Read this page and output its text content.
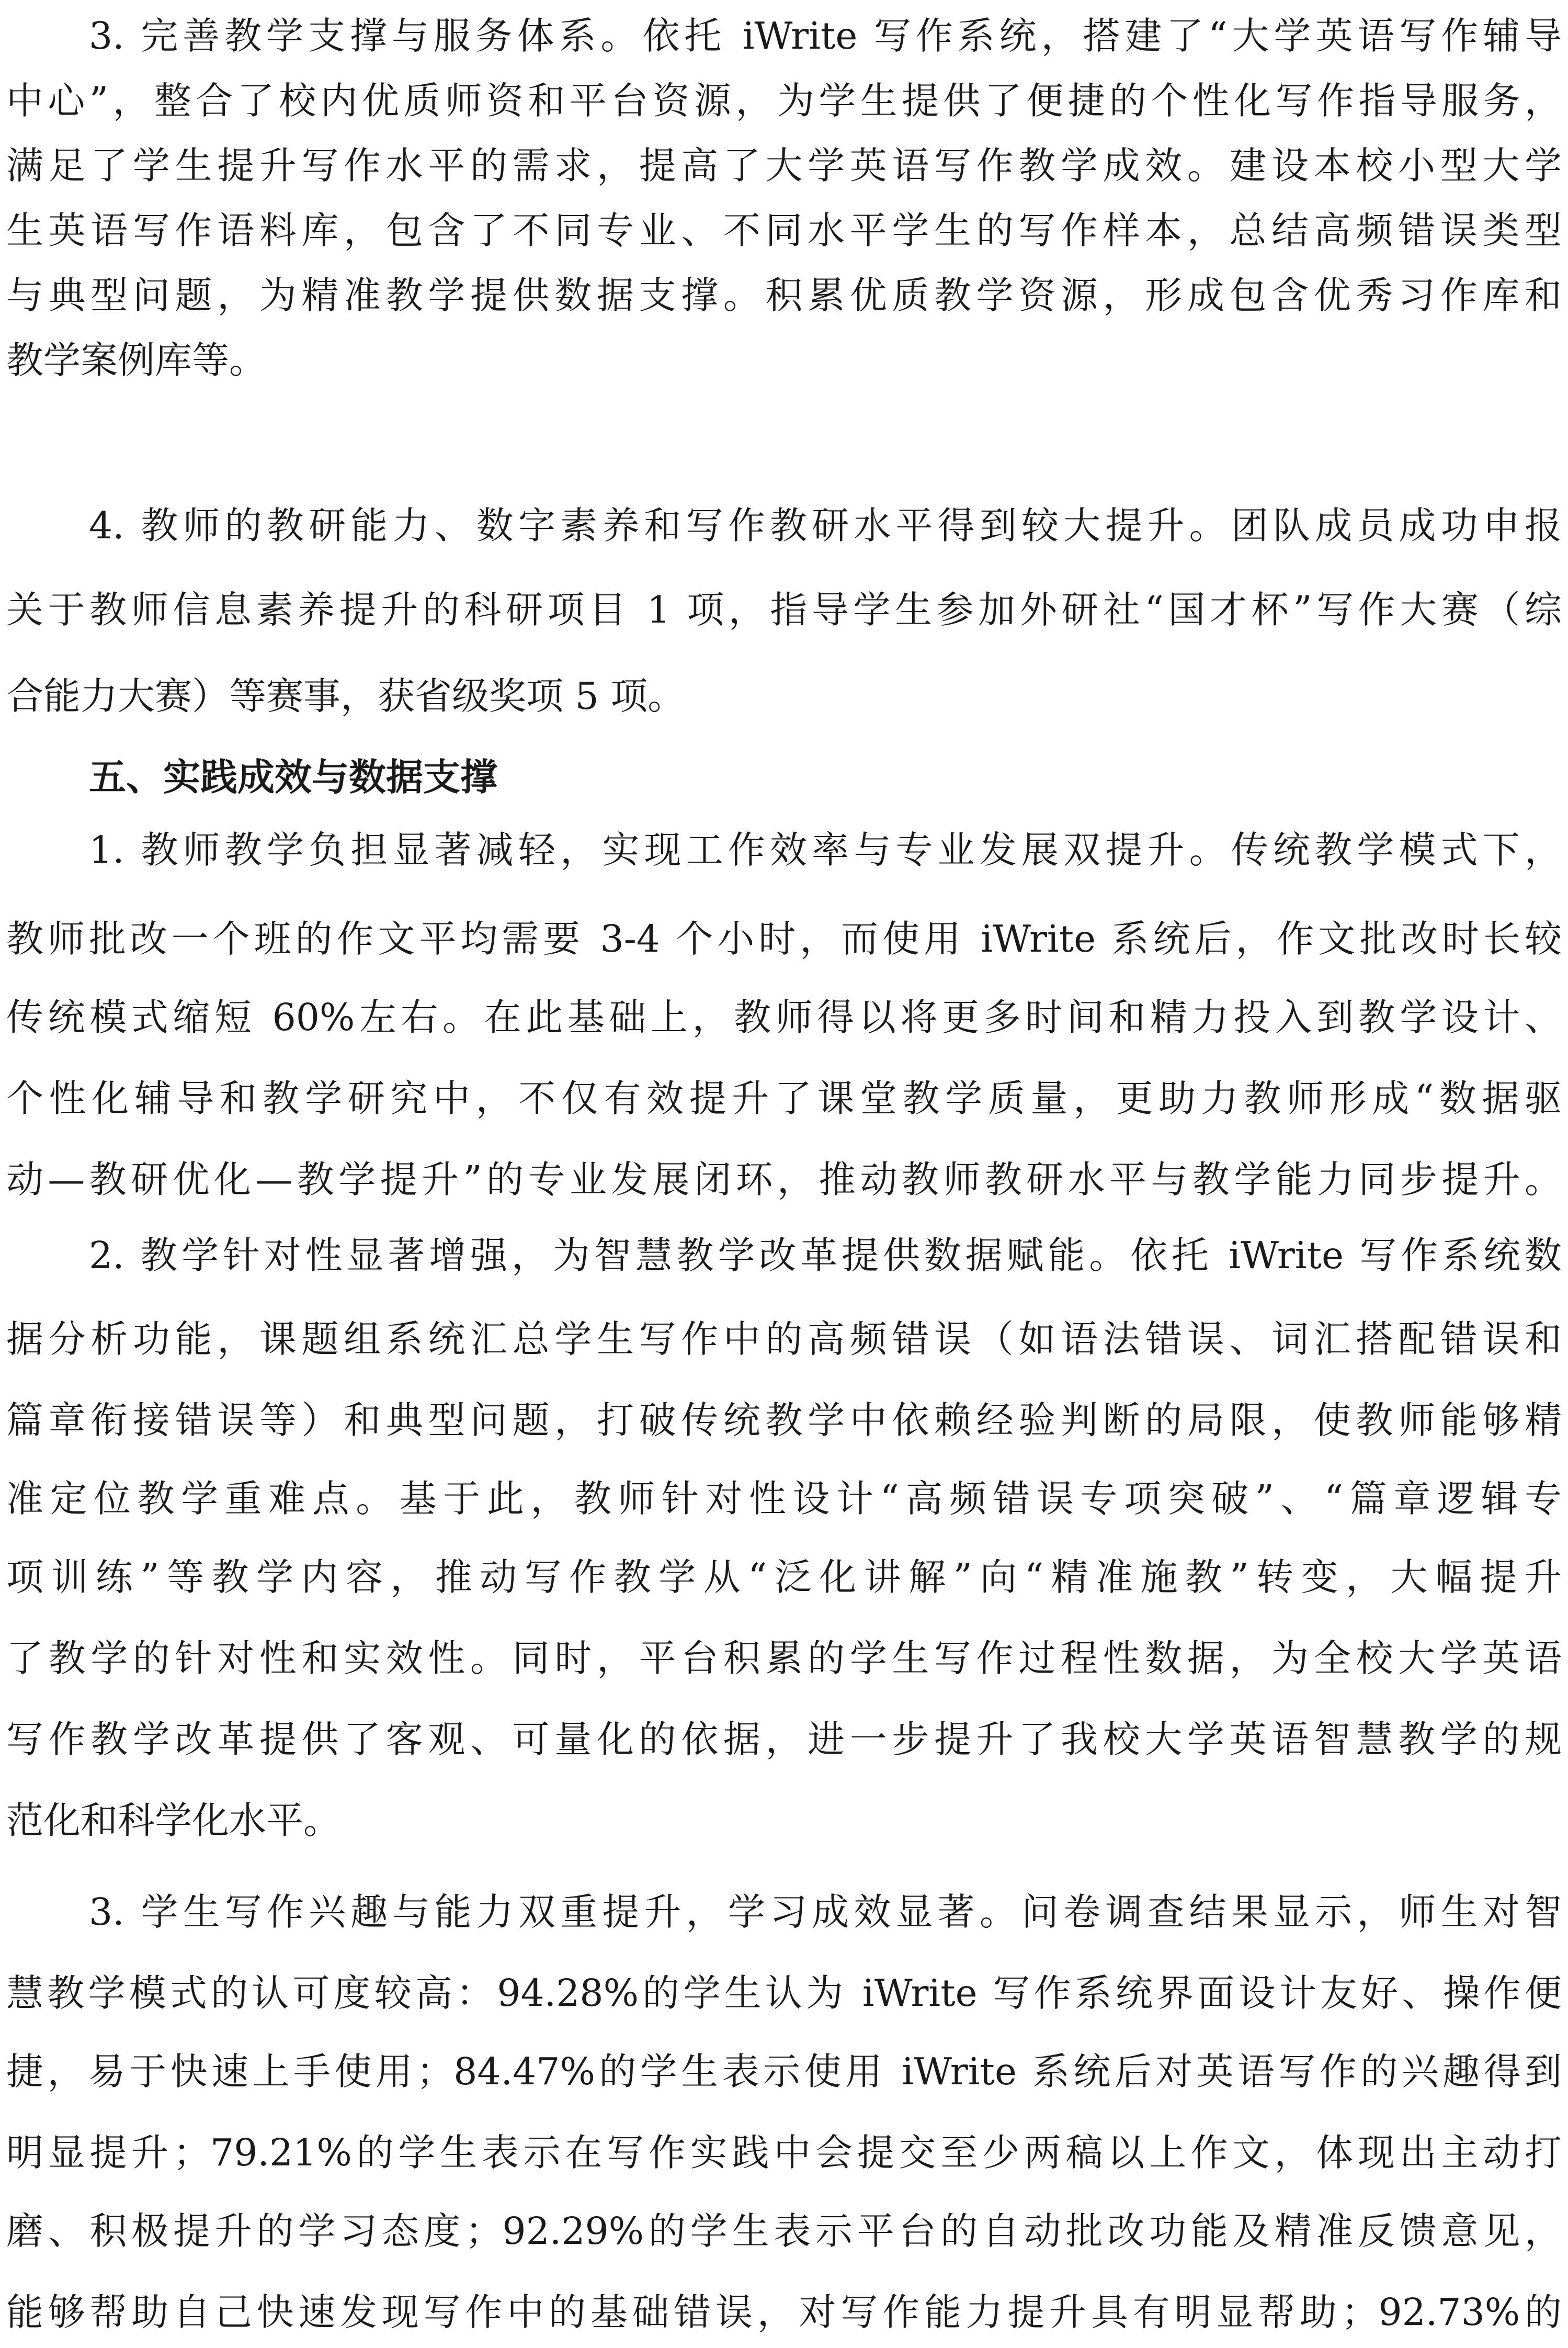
3. 完善教学支撑与服务体系。依托 iWrite 写作系统，搭建了“大学英语写作辅导
中心”，整合了校内优质师资和平台资源，为学生提供了便捷的个性化写作指导服务，
满足了学生提升写作水平的需求，提高了大学英语写作教学成效。建设本校小型大学
生英语写作语料库，包含了不同专业、不同水平学生的写作样本，总结高频错误类型
与典型问题，为精准教学提供数据支撑。积累优质教学资源，形成包含优秀习作库和
教学案例库等。
4. 教师的教研能力、数字素养和写作教研水平得到较大提升。团队成员成功申报
关于教师信息素养提升的科研项目 1 项，指导学生参加外研社“国才杯”写作大赛（综
合能力大赛）等赛事，获省级奖项 5 项。
五、实践成效与数据支撑
1. 教师教学负担显著减轻，实现工作效率与专业发展双提升。传统教学模式下，
教师批改一个班的作文平均需要 3-4 个小时，而使用 iWrite 系统后，作文批改时长较
传统模式缩短 60%左右。在此基础上，教师得以将更多时间和精力投入到教学设计、
个性化辅导和教学研究中，不仅有效提升了课堂教学质量，更助力教师形成“数据驱
动—教研优化—教学提升”的专业发展闭环，推动教师教研水平与教学能力同步提升。
2. 教学针对性显著增强，为智慧教学改革提供数据赋能。依托 iWrite 写作系统数
据分析功能，课题组系统汇总学生写作中的高频错误（如语法错误、词汇搭配错误和
篇章衔接错误等）和典型问题，打破传统教学中依赖经验判断的局限，使教师能够精
准定位教学重难点。基于此，教师针对性设计“高频错误专项突破”、“篇章逻辑专
项训练”等教学内容，推动写作教学从“泛化讲解”向“精准施教”转变，大幅提升
了教学的针对性和实效性。同时，平台积累的学生写作过程性数据，为全校大学英语
写作教学改革提供了客观、可量化的依据，进一步提升了我校大学英语智慧教学的规
范化和科学化水平。
3. 学生写作兴趣与能力双重提升，学习成效显著。问卷调查结果显示，师生对智
慧教学模式的认可度较高：94.28%的学生认为 iWrite 写作系统界面设计友好、操作便
捷，易于快速上手使用；84.47%的学生表示使用 iWrite 系统后对英语写作的兴趣得到
明显提升；79.21%的学生表示在写作实践中会提交至少两稿以上作文，体现出主动打
磨、积极提升的学习态度；92.29%的学生表示平台的自动批改功能及精准反馈意见，
能够帮助自己快速发现写作中的基础错误，对写作能力提升具有明显帮助；92.73%的
